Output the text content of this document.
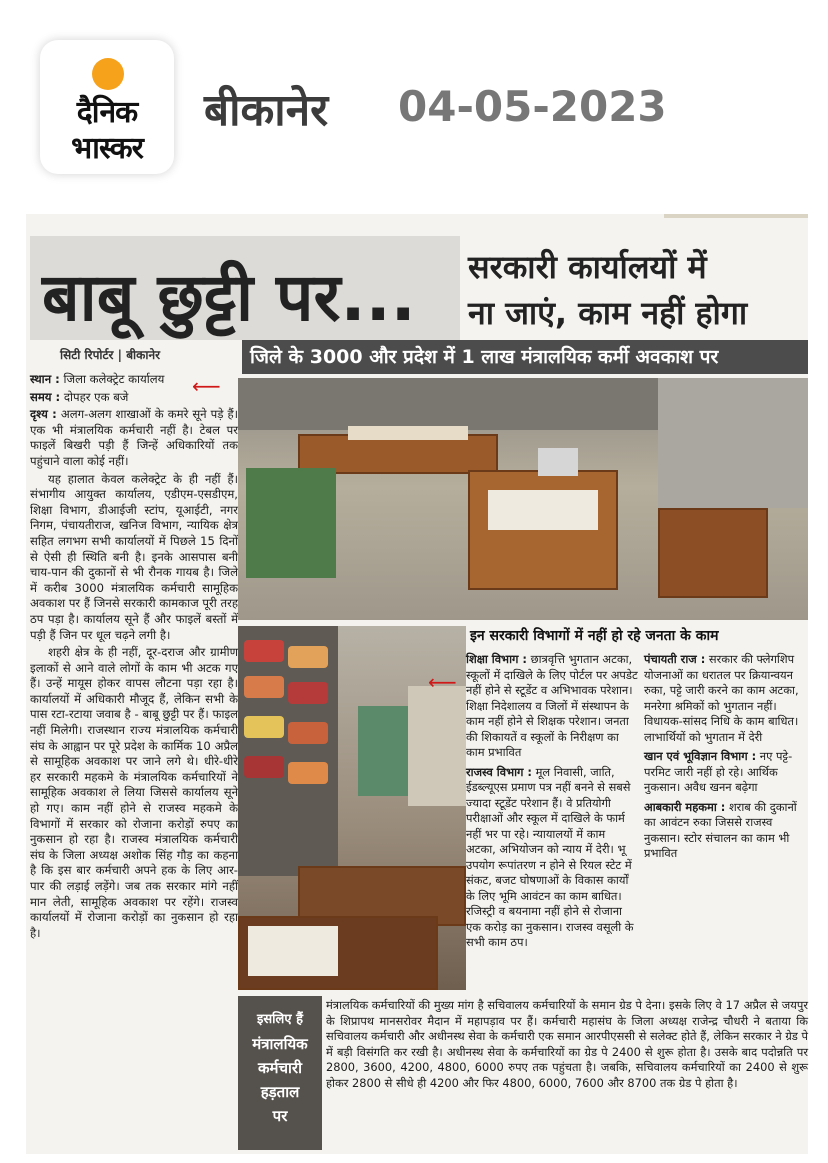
दैनिक
भास्कर
बीकानेर 04-05-2023
बाबू छुट्टी पर... सरकारी कार्यालयों में
ना जाएं, काम नहीं होगा
सिटी रिपोर्टर | बीकानेर	जिले के 3000 और प्रदेश में 1 लाख मंत्रालयिक कर्मी अवकाश पर

स्थान : जिला कलेक्ट्रेट कार्यालय

समय : दोपहर एक बजे

दृश्य : अलग-अलग शाखाओं के कमरे सूने पड़े हैं। एक भी मंत्रालयिक कर्मचारी नहीं है। टेबल पर फाइलें बिखरी पड़ी हैं जिन्हें अधिकारियों तक पहुंचाने वाला कोई नहीं।

यह हालात केवल कलेक्ट्रेट के ही नहीं हैं। संभागीय आयुक्त कार्यालय, एडीएम-एसडीएम, शिक्षा विभाग, डीआईजी स्टांप, यूआईटी, नगर निगम, पंचायतीराज, खनिज विभाग, न्यायिक क्षेत्र सहित लगभग सभी कार्यालयों में पिछले 15 दिनों से ऐसी ही स्थिति बनी है। इनके आसपास बनी चाय-पान की दुकानों से भी रौनक गायब है। जिले में करीब 3000 मंत्रालयिक कर्मचारी सामूहिक अवकाश पर हैं जिनसे सरकारी कामकाज पूरी तरह ठप पड़ा है। कार्यालय सूने हैं और फाइलें बस्तों में पड़ी हैं जिन पर धूल चढ़ने लगी है।

शहरी क्षेत्र के ही नहीं, दूर-दराज और ग्रामीण इलाकों से आने वाले लोगों के काम भी अटक गए हैं। उन्हें मायूस होकर वापस लौटना पड़ा रहा है। कार्यालयों में अधिकारी मौजूद हैं, लेकिन सभी के पास रटा-रटाया जवाब है - बाबू छुट्टी पर हैं। फाइल नहीं मिलेगी। राजस्थान राज्य मंत्रालयिक कर्मचारी संघ के आह्वान पर पूरे प्रदेश के कार्मिक 10 अप्रैल से सामूहिक अवकाश पर जाने लगे थे। धीरे-धीरे हर सरकारी महकमे के मंत्रालयिक कर्मचारियों ने सामूहिक अवकाश ले लिया जिससे कार्यालय सूने हो गए। काम नहीं होने से राजस्व महकमे के विभागों में सरकार को रोजाना करोड़ों रुपए का नुकसान हो रहा है। राजस्व मंत्रालयिक कर्मचारी संघ के जिला अध्यक्ष अशोक सिंह गौड़ का कहना है कि इस बार कर्मचारी अपने हक के लिए आर-पार की लड़ाई लड़ेंगे। जब तक सरकार मांगे नहीं मान लेती, सामूहिक अवकाश पर रहेंगे। राजस्व कार्यालयों में रोजाना करोड़ों का नुकसान हो रहा है।

⟵
⟵
इन सरकारी विभागों में नहीं हो रहे जनता के काम

शिक्षा विभाग : छात्रवृत्ति भुगतान अटका, स्कूलों में दाखिले के लिए पोर्टल पर अपडेट नहीं होने से स्टूडेंट व अभिभावक परेशान। शिक्षा निदेशालय व जिलों में संस्थापन के काम नहीं होने से शिक्षक परेशान। जनता की शिकायतें व स्कूलों के निरीक्षण का काम प्रभावित

राजस्व विभाग : मूल निवासी, जाति, ईडब्ल्यूएस प्रमाण पत्र नहीं बनने से सबसे ज्यादा स्टूडेंट परेशान हैं। वे प्रतियोगी परीक्षाओं और स्कूल में दाखिले के फार्म नहीं भर पा रहे। न्यायालयों में काम अटका, अभियोजन को न्याय में देरी। भू उपयोग रूपांतरण न होने से रियल स्टेट में संकट, बजट घोषणाओं के विकास कार्यों के लिए भूमि आवंटन का काम बाधित। रजिस्ट्री व बयनामा नहीं होने से रोजाना एक करोड़ का नुकसान। राजस्व वसूली के सभी काम ठप।

पंचायती राज : सरकार की फ्लेगशिप योजनाओं का धरातल पर क्रियान्वयन रुका, पट्टे जारी करने का काम अटका, मनरेगा श्रमिकों को भुगतान नहीं। विधायक-सांसद निधि के काम बाधित। लाभार्थियों को भुगतान में देरी

खान एवं भूविज्ञान विभाग : नए पट्टे-परमिट जारी नहीं हो रहे। आर्थिक नुकसान। अवैध खनन बढ़ेगा

आबकारी महकमा : शराब की दुकानों का आवंटन रुका जिससे राजस्व नुकसान। स्टोर संचालन का काम भी प्रभावित

इसलिए हैं
मंत्रालयिक
कर्मचारी
हड़ताल
पर
मंत्रालयिक कर्मचारियों की मुख्य मांग है सचिवालय कर्मचारियों के समान ग्रेड पे देना। इसके लिए वे 17 अप्रैल से जयपुर के शिप्रापथ मानसरोवर मैदान में महापड़ाव पर हैं। कर्मचारी महासंघ के जिला अध्यक्ष राजेन्द्र चौधरी ने बताया कि सचिवालय कर्मचारी और अधीनस्थ सेवा के कर्मचारी एक समान आरपीएससी से सलेक्ट होते हैं, लेकिन सरकार ने ग्रेड पे में बड़ी विसंगति कर रखी है। अधीनस्थ सेवा के कर्मचारियों का ग्रेड पे 2400 से शुरू होता है। उसके बाद पदोन्नति पर 2800, 3600, 4200, 4800, 6000 रुपए तक पहुंचता है। जबकि, सचिवालय कर्मचारियों का 2400 से शुरू होकर 2800 से सीधे ही 4200 और फिर 4800, 6000, 7600 और 8700 तक ग्रेड पे होता है।
